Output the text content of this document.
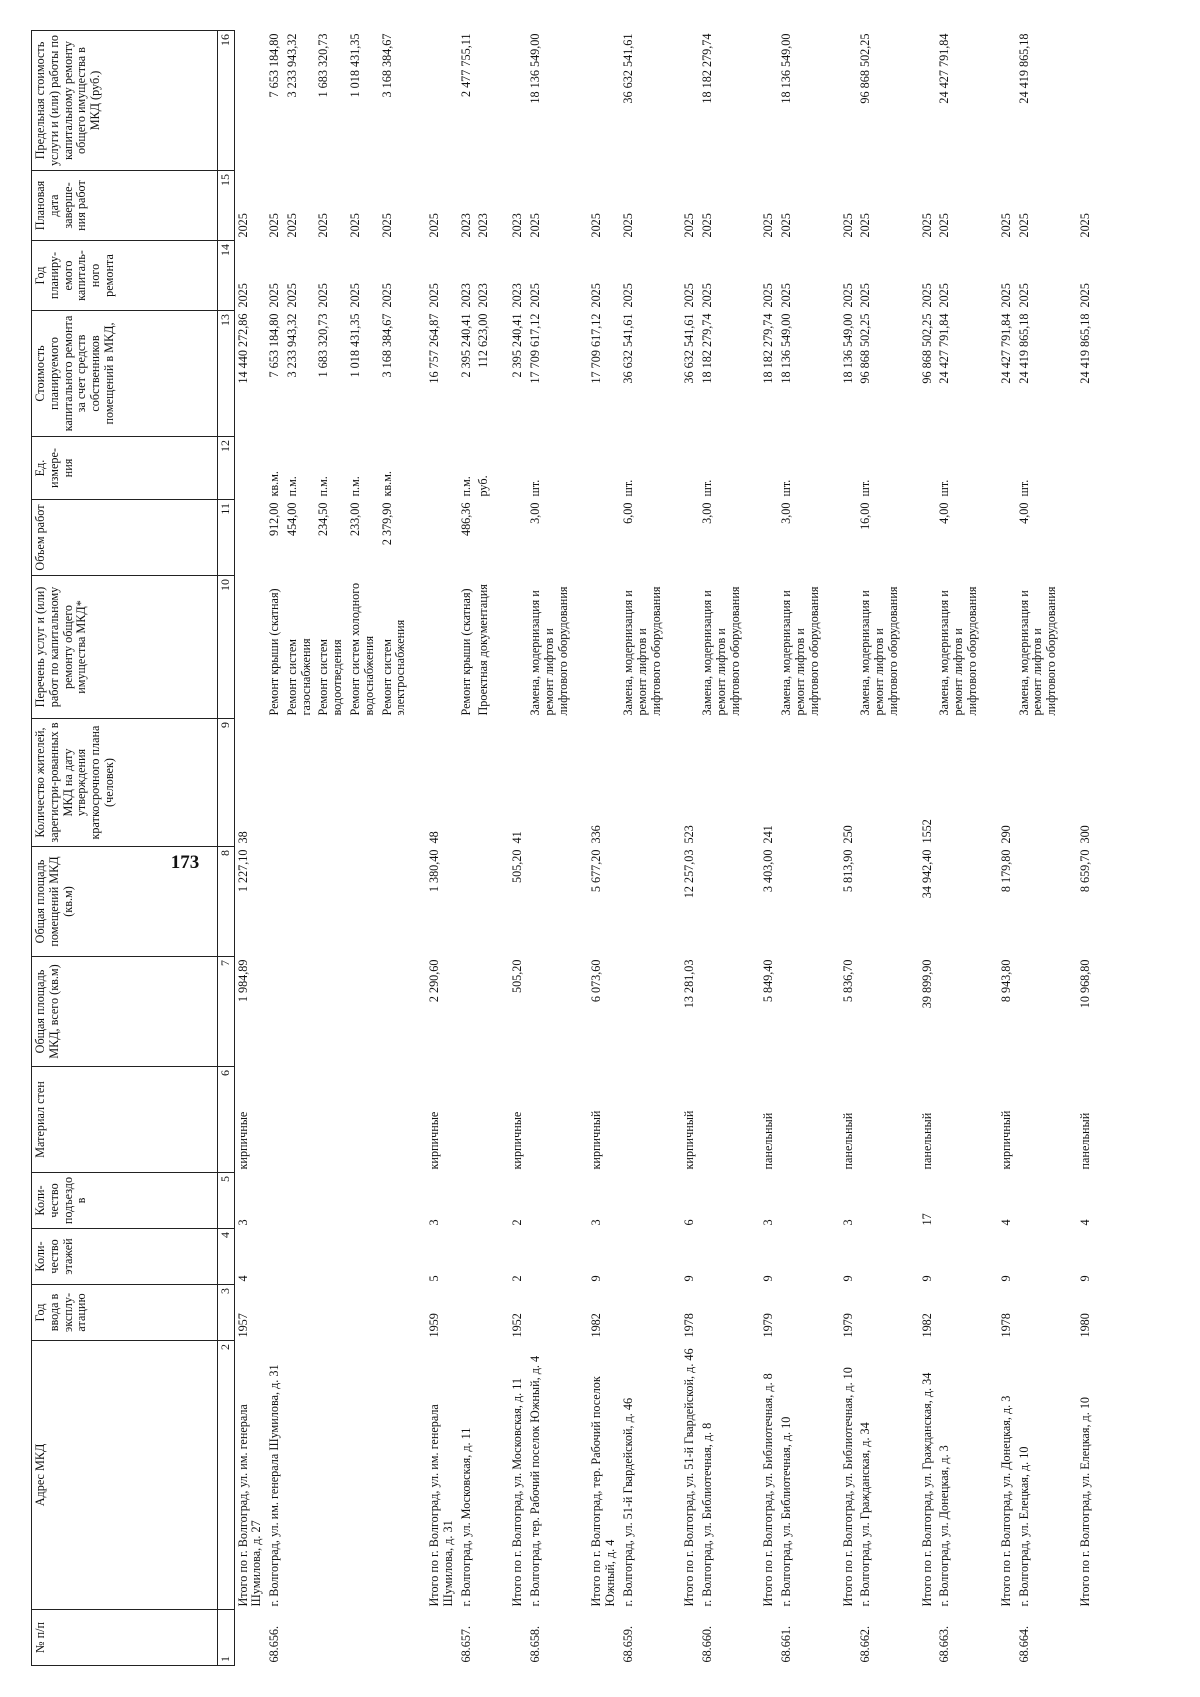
173
№ п/п	Адрес МКД	Год ввода в эксплу-атацию	Коли-чество этажей	Коли-чество подъездо в	Материал стен	Общая площадь МКД, всего (кв.м)	Общая площадь помещений МКД (кв.м)	Количество жителей, зарегистри-рованных в МКД на дату утверждения краткосрочного плана (человек)	Перечень услуг и (или) работ по капитальному ремонту общего имущества МКД*	Объем работ	Ед. измере-ния	Стоимость планируемого капитального ремонта за счет средств собственников помещений в МКД,	Год планиру-емого капиталь-ного ремонта	Плановая дата заверше-ния работ	Предельная стоимость услуги и (или) работы по капитальному ремонту общего имущества в МКД (руб.)
1	2	3	4	5	6	7	8	9	10	11	12	13	14	15	16
	Итого по г. Волгоград, ул. им. генерала Шумилова, д. 27	1957	4	3	кирпичные	1 984,89	1 227,10	38				14 440 272,86	2025	2025	
68.656.	г. Волгоград, ул. им. генерала Шумилова, д. 31								Ремонт крыши (скатная)	912,00	кв.м.	7 653 184,80	2025	2025	7 653 184,80
									Ремонт систем газоснабжения	454,00	п.м.	3 233 943,32	2025	2025	3 233 943,32
									Ремонт систем водоотведения	234,50	п.м.	1 683 320,73	2025	2025	1 683 320,73
									Ремонт систем холодного водоснабжения	233,00	п.м.	1 018 431,35	2025	2025	1 018 431,35
									Ремонт систем электроснабжения	2 379,90	кв.м.	3 168 384,67	2025	2025	3 168 384,67

	Итого по г. Волгоград, ул. им. генерала Шумилова, д. 31	1959	5	3	кирпичные	2 290,60	1 380,40	48				16 757 264,87	2025	2025	
68.657.	г. Волгоград, ул. Московская, д. 11								Ремонт крыши (скатная)	486,36	п.м.	2 395 240,41	2023	2023	2 477 755,11
									Проектная документация		руб.	112 623,00	2023	2023	

	Итого по г. Волгоград, ул. Московская, д. 11	1952	2	2	кирпичные	505,20	505,20	41				2 395 240,41	2023	2023	
68.658.	г. Волгоград, тер. Рабочий поселок Южный, д. 4								Замена, модернизация и ремонт лифтов и лифтового оборудования	3,00	шт.	17 709 617,12	2025	2025	18 136 549,00

	Итого по г. Волгоград, тер. Рабочий поселок Южный, д. 4	1982	9	3	кирпичный	6 073,60	5 677,20	336				17 709 617,12	2025	2025	
68.659.	г. Волгоград, ул. 51-й Гвардейской, д. 46								Замена, модернизация и ремонт лифтов и лифтового оборудования	6,00	шт.	36 632 541,61	2025	2025	36 632 541,61

	Итого по г. Волгоград, ул. 51-й Гвардейской, д. 46	1978	9	6	кирпичный	13 281,03	12 257,03	523				36 632 541,61	2025	2025	
68.660.	г. Волгоград, ул. Библиотечная, д. 8								Замена, модернизация и ремонт лифтов и лифтового оборудования	3,00	шт.	18 182 279,74	2025	2025	18 182 279,74

	Итого по г. Волгоград, ул. Библиотечная, д. 8	1979	9	3	панельный	5 849,40	3 403,00	241				18 182 279,74	2025	2025	
68.661.	г. Волгоград, ул. Библиотечная, д. 10								Замена, модернизация и ремонт лифтов и лифтового оборудования	3,00	шт.	18 136 549,00	2025	2025	18 136 549,00

	Итого по г. Волгоград, ул. Библиотечная, д. 10	1979	9	3	панельный	5 836,70	5 813,90	250				18 136 549,00	2025	2025	
68.662.	г. Волгоград, ул. Гражданская, д. 34								Замена, модернизация и ремонт лифтов и лифтового оборудования	16,00	шт.	96 868 502,25	2025	2025	96 868 502,25

	Итого по г. Волгоград, ул. Гражданская, д. 34	1982	9	17	панельный	39 899,90	34 942,40	1552				96 868 502,25	2025	2025	
68.663.	г. Волгоград, ул. Донецкая, д. 3								Замена, модернизация и ремонт лифтов и лифтового оборудования	4,00	шт.	24 427 791,84	2025	2025	24 427 791,84

	Итого по г. Волгоград, ул. Донецкая, д. 3	1978	9	4	кирпичный	8 943,80	8 179,80	290				24 427 791,84	2025	2025	
68.664.	г. Волгоград, ул. Елецкая, д. 10								Замена, модернизация и ремонт лифтов и лифтового оборудования	4,00	шт.	24 419 865,18	2025	2025	24 419 865,18

	Итого по г. Волгоград, ул. Елецкая, д. 10	1980	9	4	панельный	10 968,80	8 659,70	300				24 419 865,18	2025	2025	
